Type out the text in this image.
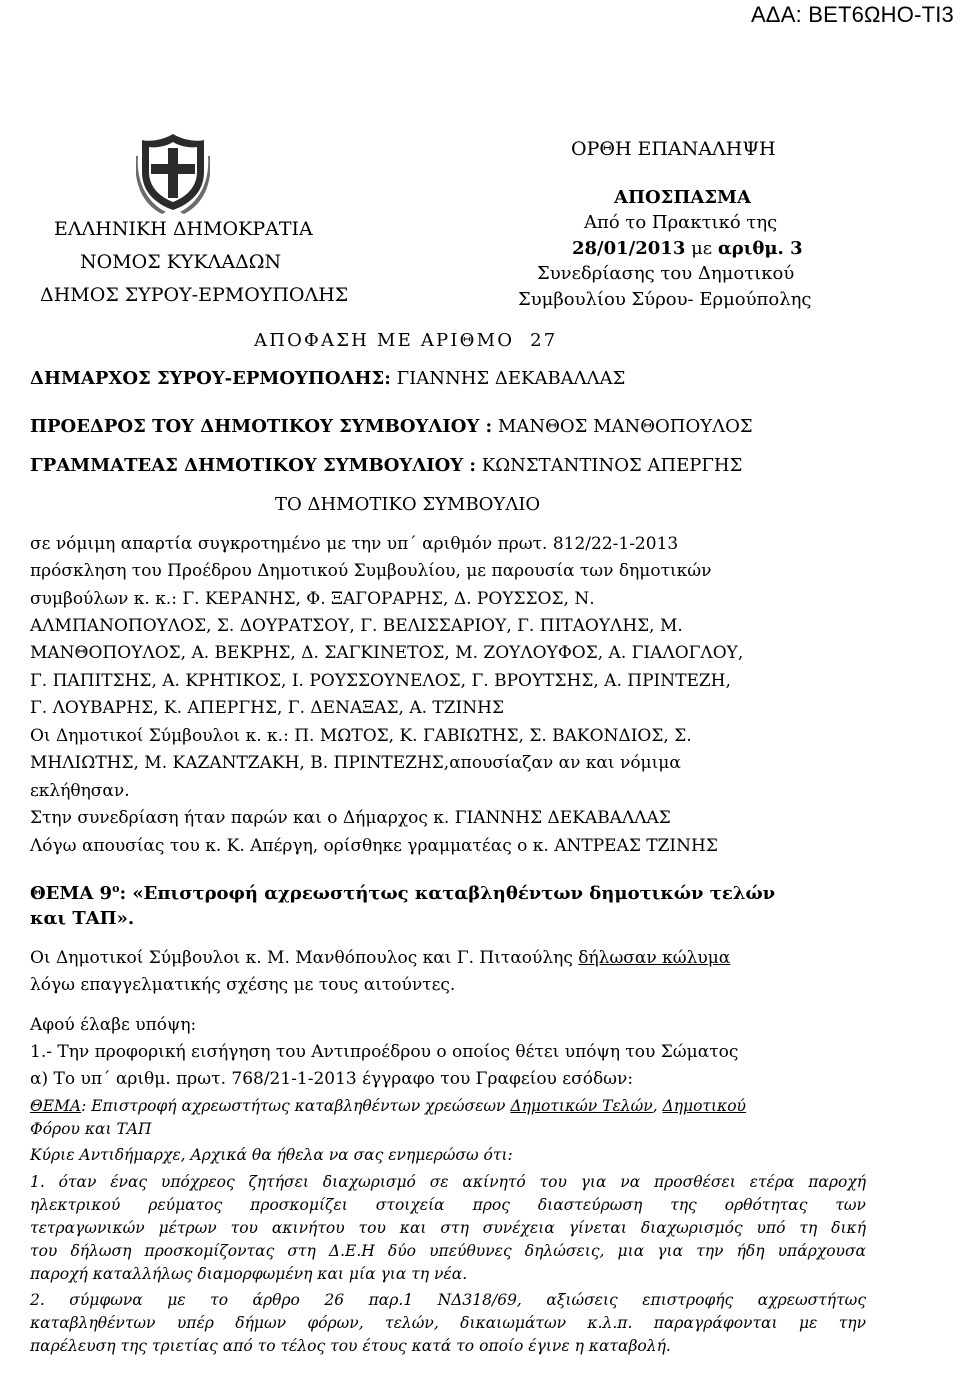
ΑΔΑ: ΒΕΤ6ΩΗΟ-ΤΙ3
ΕΛΛΗΝΙΚΗ ΔΗΜΟΚΡΑΤΙΑ
ΝΟΜΟΣ ΚΥΚΛΑΔΩΝ
ΔΗΜΟΣ ΣΥΡΟΥ-ΕΡΜΟΥΠΟΛΗΣ
ΟΡΘΗ ΕΠΑΝΑΛΗΨΗ
ΑΠΟΣΠΑΣΜΑ
Από το Πρακτικό της
28/01/2013 με αριθμ. 3
Συνεδρίασης του Δημοτικού
Συμβουλίου Σύρου- Ερμούπολης
ΑΠΟΦΑΣΗ ΜΕ ΑΡΙΘΜΟ 27
ΔΗΜΑΡΧΟΣ ΣΥΡΟΥ-ΕΡΜΟΥΠΟΛΗΣ: ΓΙΑΝΝΗΣ ΔΕΚΑΒΑΛΛΑΣ
ΠΡΟΕΔΡΟΣ ΤΟΥ ΔΗΜΟΤΙΚΟΥ ΣΥΜΒΟΥΛΙΟΥ : ΜΑΝΘΟΣ ΜΑΝΘΟΠΟΥΛΟΣ
ΓΡΑΜΜΑΤΕΑΣ ΔΗΜΟΤΙΚΟΥ ΣΥΜΒΟΥΛΙΟΥ : ΚΩΝΣΤΑΝΤΙΝΟΣ ΑΠΕΡΓΗΣ
ΤΟ ΔΗΜΟΤΙΚΟ ΣΥΜΒΟΥΛΙΟ
σε νόμιμη απαρτία συγκροτημένο με την υπ΄ αριθμόν πρωτ. 812/22-1-2013
πρόσκληση του Προέδρου Δημοτικού Συμβουλίου, με παρουσία των δημοτικών
συμβούλων κ. κ.: Γ. ΚΕΡΑΝΗΣ, Φ. ΞΑΓΟΡΑΡΗΣ, Δ. ΡΟΥΣΣΟΣ, Ν.
ΑΛΜΠΑΝΟΠΟΥΛΟΣ, Σ. ΔΟΥΡΑΤΣΟΥ, Γ. ΒΕΛΙΣΣΑΡΙΟΥ, Γ. ΠΙΤΑΟΥΛΗΣ, Μ.
ΜΑΝΘΟΠΟΥΛΟΣ, Α. ΒΕΚΡΗΣ, Δ. ΣΑΓΚΙΝΕΤΟΣ, Μ. ΖΟΥΛΟΥΦΟΣ, Α. ΓΙΑΛΟΓΛΟΥ,
Γ. ΠΑΠΙΤΣΗΣ, Α. ΚΡΗΤΙΚΟΣ, Ι. ΡΟΥΣΣΟΥΝΕΛΟΣ, Γ. ΒΡΟΥΤΣΗΣ, Α. ΠΡΙΝΤΕΖΗ,
Γ. ΛΟΥΒΑΡΗΣ, Κ. ΑΠΕΡΓΗΣ, Γ. ΔΕΝΑΞΑΣ, Α. ΤΖΙΝΗΣ
Οι Δημοτικοί Σύμβουλοι κ. κ.: Π. ΜΩΤΟΣ, Κ. ΓΑΒΙΩΤΗΣ, Σ. ΒΑΚΟΝΔΙΟΣ, Σ.
ΜΗΛΙΩΤΗΣ, Μ. ΚΑΖΑΝΤΖΑΚΗ, Β. ΠΡΙΝΤΕΖΗΣ,απουσίαζαν αν και νόμιμα
εκλήθησαν.
Στην συνεδρίαση ήταν παρών και ο Δήμαρχος κ. ΓΙΑΝΝΗΣ ΔΕΚΑΒΑΛΛΑΣ
Λόγω απουσίας του κ. Κ. Απέργη, ορίσθηκε γραμματέας ο κ. ΑΝΤΡΕΑΣ ΤΖΙΝΗΣ
ΘΕΜΑ $9^o$: «Επιστροφή αχρεωστήτως καταβληθέντων δημοτικών τελών
και ΤΑΠ».
Οι Δημοτικοί Σύμβουλοι κ. Μ. Μανθόπουλος και Γ. Πιταούλης δήλωσαν κώλυμα
λόγω επαγγελματικής σχέσης με τους αιτούντες.
Αφού έλαβε υπόψη:
1.- Την προφορική εισήγηση του Αντιπροέδρου ο οποίος θέτει υπόψη του Σώματος
α) Το υπ΄ αριθμ. πρωτ. 768/21-1-2013 έγγραφο του Γραφείου εσόδων:
ΘΕΜΑ: Επιστροφή αχρεωστήτως καταβληθέντων χρεώσεων Δημοτικών Τελών, Δημοτικού
Φόρου και ΤΑΠ
Κύριε Αντιδήμαρχε, Αρχικά θα ήθελα να σας ενημερώσω ότι:
1. όταν ένας υπόχρεος ζητήσει διαχωρισμό σε ακίνητό του για να προσθέσει ετέρα παροχή
ηλεκτρικού ρεύματος προσκομίζει στοιχεία προς διαστεύρωση της ορθότητας των
τετραγωνικών μέτρων του ακινήτου του και στη συνέχεια γίνεται διαχωρισμός υπό τη δική
του δήλωση προσκομίζοντας στη Δ.Ε.Η δύο υπεύθυνες δηλώσεις, μια για την ήδη υπάρχουσα
παροχή καταλλήλως διαμορφωμένη και μία για τη νέα.
2. σύμφωνα με το άρθρο 26 παρ.1 ΝΔ318/69, αξιώσεις επιστροφής αχρεωστήτως
καταβληθέντων υπέρ δήμων φόρων, τελών, δικαιωμάτων κ.λ.π. παραγράφονται με την
παρέλευση της τριετίας από το τέλος του έτους κατά το οποίο έγινε η καταβολή.
